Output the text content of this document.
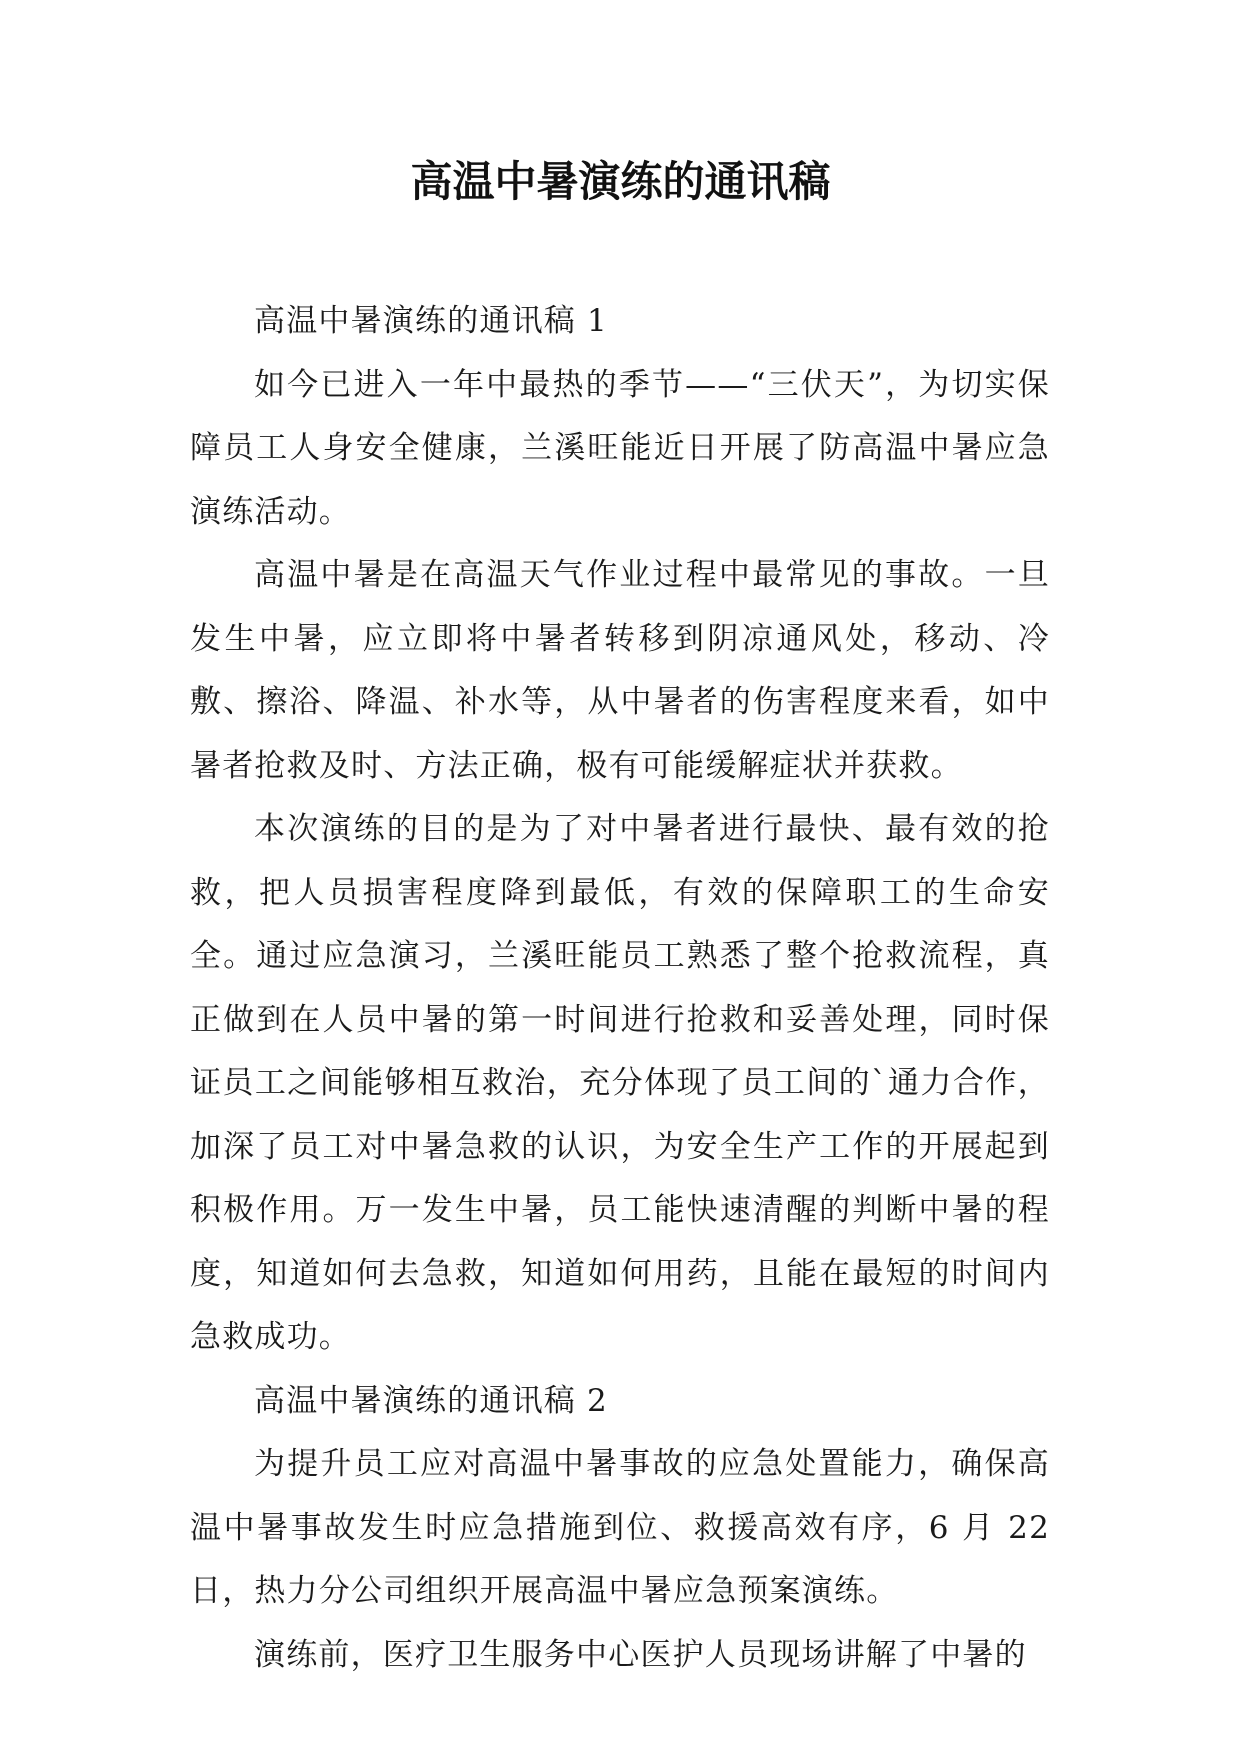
高温中暑演练的通讯稿

高温中暑演练的通讯稿 1

如今已进入一年中最热的季节——“三伏天”，为切实保障员工人身安全健康，兰溪旺能近日开展了防高温中暑应急演练活动。

高温中暑是在高温天气作业过程中最常见的事故。一旦发生中暑，应立即将中暑者转移到阴凉通风处，移动、冷敷、擦浴、降温、补水等，从中暑者的伤害程度来看，如中暑者抢救及时、方法正确，极有可能缓解症状并获救。

本次演练的目的是为了对中暑者进行最快、最有效的抢救，把人员损害程度降到最低，有效的保障职工的生命安全。通过应急演习，兰溪旺能员工熟悉了整个抢救流程，真正做到在人员中暑的第一时间进行抢救和妥善处理，同时保证员工之间能够相互救治，充分体现了员工间的`通力合作，加深了员工对中暑急救的认识，为安全生产工作的开展起到积极作用。万一发生中暑，员工能快速清醒的判断中暑的程度，知道如何去急救，知道如何用药，且能在最短的时间内急救成功。

高温中暑演练的通讯稿 2

为提升员工应对高温中暑事故的应急处置能力，确保高温中暑事故发生时应急措施到位、救援高效有序，6 月 22 日，热力分公司组织开展高温中暑应急预案演练。

演练前，医疗卫生服务中心医护人员现场讲解了中暑的
